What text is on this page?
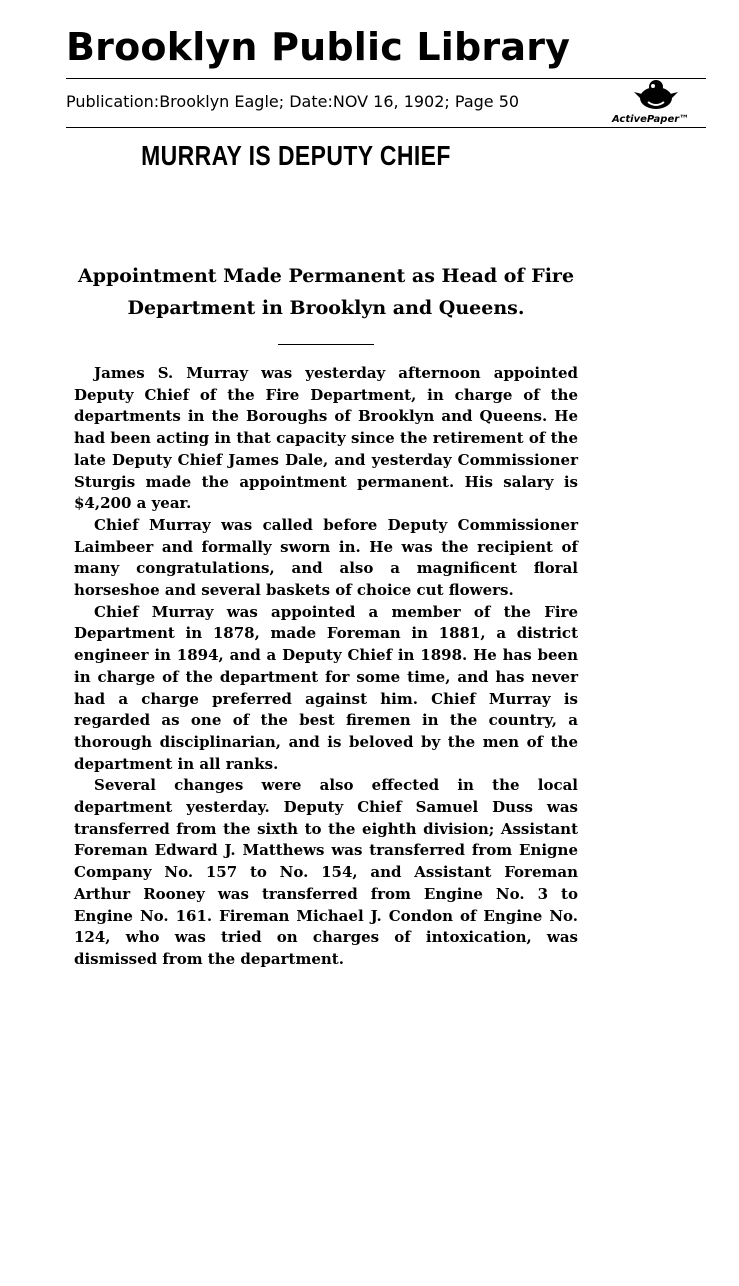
Brooklyn Public Library
Publication:Brooklyn Eagle; Date:NOV 16, 1902; Page 50
ActivePaper™
MURRAY IS DEPUTY CHIEF
Appointment Made Permanent as Head of Fire Department in Brooklyn and Queens.

James S. Murray was yesterday afternoon appointed Deputy Chief of the Fire Department, in charge of the departments in the Boroughs of Brooklyn and Queens. He had been acting in that capacity since the retirement of the late Deputy Chief James Dale, and yesterday Commissioner Sturgis made the appointment permanent. His salary is $4,200 a year.

Chief Murray was called before Deputy Commissioner Laimbeer and formally sworn in. He was the recipient of many congratulations, and also a magnificent floral horseshoe and several baskets of choice cut flowers.

Chief Murray was appointed a member of the Fire Department in 1878, made Foreman in 1881, a district engineer in 1894, and a Deputy Chief in 1898. He has been in charge of the department for some time, and has never had a charge preferred against him. Chief Murray is regarded as one of the best firemen in the country, a thorough disciplinarian, and is beloved by the men of the department in all ranks.

Several changes were also effected in the local department yesterday. Deputy Chief Samuel Duss was transferred from the sixth to the eighth division; Assistant Foreman Edward J. Matthews was transferred from Enigne Company No. 157 to No. 154, and Assistant Foreman Arthur Rooney was transferred from Engine No. 3 to Engine No. 161. Fireman Michael J. Condon of Engine No. 124, who was tried on charges of intoxication, was dismissed from the department.
